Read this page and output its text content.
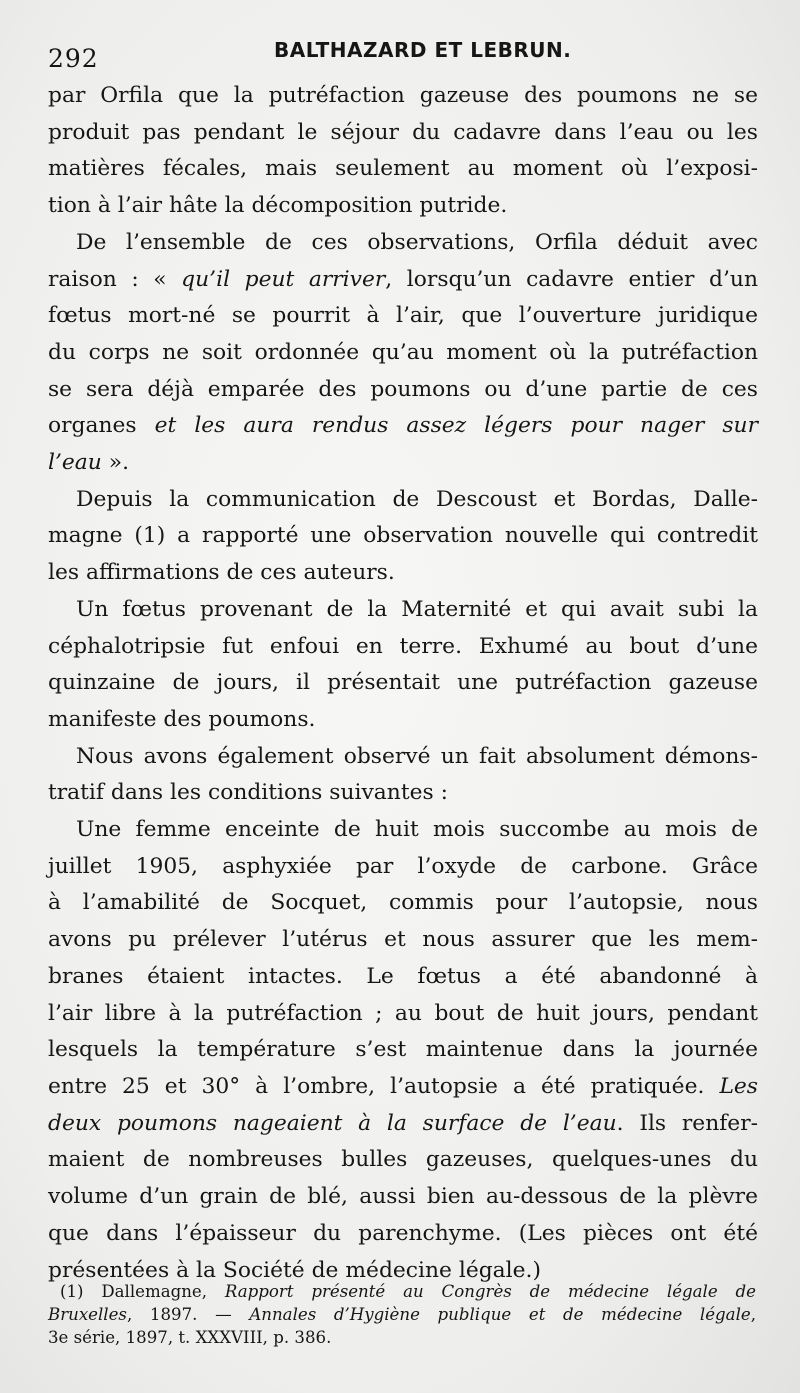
292	BALTHAZARD ET LEBRUN.
par Orfila que la putréfaction gazeuse des poumons ne se
produit pas pendant le séjour du cadavre dans l’eau ou les
matières fécales, mais seulement au moment où l’exposi-
tion à l’air hâte la décomposition putride.
De l’ensemble de ces observations, Orfila déduit avec
raison : « qu’il peut arriver, lorsqu’un cadavre entier d’un
fœtus mort-né se pourrit à l’air, que l’ouverture juridique
du corps ne soit ordonnée qu’au moment où la putréfaction
se sera déjà emparée des poumons ou d’une partie de ces
organes et les aura rendus assez légers pour nager sur
l’eau ».
Depuis la communication de Descoust et Bordas, Dalle-
magne (1) a rapporté une observation nouvelle qui contredit
les affirmations de ces auteurs.
Un fœtus provenant de la Maternité et qui avait subi la
céphalotripsie fut enfoui en terre. Exhumé au bout d’une
quinzaine de jours, il présentait une putréfaction gazeuse
manifeste des poumons.
Nous avons également observé un fait absolument démons-
tratif dans les conditions suivantes :
Une femme enceinte de huit mois succombe au mois de
juillet 1905, asphyxiée par l’oxyde de carbone. Grâce
à l’amabilité de Socquet, commis pour l’autopsie, nous
avons pu prélever l’utérus et nous assurer que les mem-
branes étaient intactes. Le fœtus a été abandonné à
l’air libre à la putréfaction ; au bout de huit jours, pendant
lesquels la température s’est maintenue dans la journée
entre 25 et 30° à l’ombre, l’autopsie a été pratiquée. Les
deux poumons nageaient à la surface de l’eau. Ils renfer-
maient de nombreuses bulles gazeuses, quelques-unes du
volume d’un grain de blé, aussi bien au-dessous de la plèvre
que dans l’épaisseur du parenchyme. (Les pièces ont été
présentées à la Société de médecine légale.)
(1) Dallemagne, Rapport présenté au Congrès de médecine légale de
Bruxelles, 1897. — Annales d’Hygiène publique et de médecine légale,
3e série, 1897, t. XXXVIII, p. 386.
